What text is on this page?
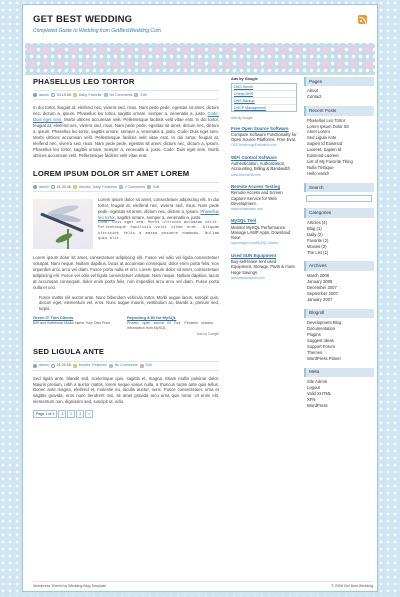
GET BEST WEDDING
Completed Guide to Wedding from GetBestWedding.Com
PHASELLUS LEO TORTOR
admin 03.19.08 Daily, Favorite No Comments Edit
In dui tortor, feugiat at, eleifend nec, viverra sed, risus. Nam pede pede, egestas sit amet, dictum nec, dictum a, ipsum. Phasellus leo tortor, sagittis ornare, semper a, venenatis a, justo. Code: Duis eget sem. Morbi ultrices accumsan velit. Pellentesque facilisis velit vitae erat. In dui tortor, feugiat at, eleifend nec, viverra sed, risus. Nam pede pede, egestas sit amet, dictum nec, dictum a, ipsum. Phasellus leo tortor, sagittis ornare, semper a, venenatis a, justo. Code: Duis eget sem. Morbi ultrices accumsan velit. Pellentesque facilisis velit vitae erat. In dui tortor, feugiat at, eleifend nec, viverra sed, risus. Nam pede pede, egestas sit amet, dictum nec, dictum a, ipsum. Phasellus leo tortor, sagittis ornare, semper a, venenatis a, justo. Code: Duis eget sem. Morbi ultrices accumsan velit. Pellentesque facilisis velit vitae erat.
LOREM IPSUM DOLOR SIT AMET LOREM
admin 01.20.08 Articles, Daily, Featured 2 Comments Edit
Lorem ipsum dolor sit amet, consectetuer adipiscing elit. In dui tortor, feugiat at, eleifend nec, viverra sed, risus. Nam pede pede, egestas sit amet, dictum nec, dictum a, ipsum. Phasellus leo tortor, sagittis ornare, semper a, venenatis a, justo.
Code: Duis eget sem. Morbi ultrices accumsan velit. Pellentesque facilisis velit vitae erat. Aliquam ultricies felis a massa posuere commodo. Nullam quis elit.
Lorem ipsum dolor sit amet, consectetuer adipiscing elit. Fusce vel odio vel ligula consectetuer volutpat. Nam neque. Nullam dapibus, lacus at accumsan consequat, dolor enim porta felis, non imperdiet arcu arcu vel diam. Fusce porta nulla et orci. Lorem ipsum dolor sit amet, consectetuer adipiscing elit. Fusce vel odio vel ligula consectetuer volutpat. Nam neque. Nullam dapibus, lacus at accumsan consequat, dolor enim porta felis, non imperdiet arcu arcu vel diam. Fusce porta nulla et orci.
Fusce mattis elit auctor ante. Nunc bibendum vehicula tortor. Morbi augue lacus, suscipit quis, dictum eget, elementum vel, eros. Nunc augue mauris, vestibulum ac, blandit a, pretium sed, turpis.
Green IT Thin Clients
$99 and Softebook Model Name Your Own Price
Reporting & BI for MySQL
Proven, open source BI Tool. Pentaho unlocks information from MySQL
Ads by Google
SED LIGULA ANTE
admin 01.29.08 Movies, Featured No Comments Edit
Sed ligula ante, blandit sed, scelerisque quis, sagittis et, magna. Etiam mollis pulvinar dolor. Mauris pretium, nibh a auctor mattis, lorem neque varius nulla, a rhoncus turpis ante quis tellus. Donec ante magna, eleifend et, molestie eu, iaculis auctor, nunc. Fusce consectetuer, urna et sagittis gravida, eros nunc hendrerit nisi, sit amet gravida arcu urna quis tortor. Ut enim elit, elementum non, dignissim sed, suscipit ut, odio.
Page 1 of 3	1	2	3	»
Ads by Google
DNS Server
Cheap DNS
DNS Backup
DHCP Management
Ads by Google
Free Open Source Software
Compare Software Functionality for Open Source Platforms. Free Eval.
OSS.TechnologyEvaluation.com
WiFi Control Software
Authentication, Authorization, Accounting, Billing & Bandwidth
www.3Scontrolfi.com
Remote Access Testing
Remote Access and Screen Capture Service for Web Development.
www.browsercam.com
MySQL Tool
Monitor MySQL Performance Manage LAMP Apps. Download Now!
appmanager.com/MySQL-Monitor
Used SUN Equipment
Buy-sell-lease-rent used Equipment, Storage, Parts & more. Huge Savings
www.eastcomputer.com
Pages
About
Contact
Recent Posts
Phasellus Leo Tortor
Lorem Ipsum Dolor Sit
Amet Lorem
Sed Ligula Ante
Sapien Id Euismod
Laoreet, Sapien Id
Euismod Laoreet
List of My Favorite Thing
Nulla Tristique
Hello world!
Search
Categories
Articles (4)
Blog (1)
Daily (2)
Favorite (2)
Movies (2)
The List (1)
Archives
March 2008
January 2008
December 2007
September 2007
January 2007
Blogroll
Development Blog
Documentation
Plugins
Suggest Ideas
Support Forum
Themes
WordPress Planet
Meta
Site Admin
Logout
Valid XHTML
XFN
WordPress
Wordpress Theme by Wedding Blog Template	© 2008 Get Best Wedding
